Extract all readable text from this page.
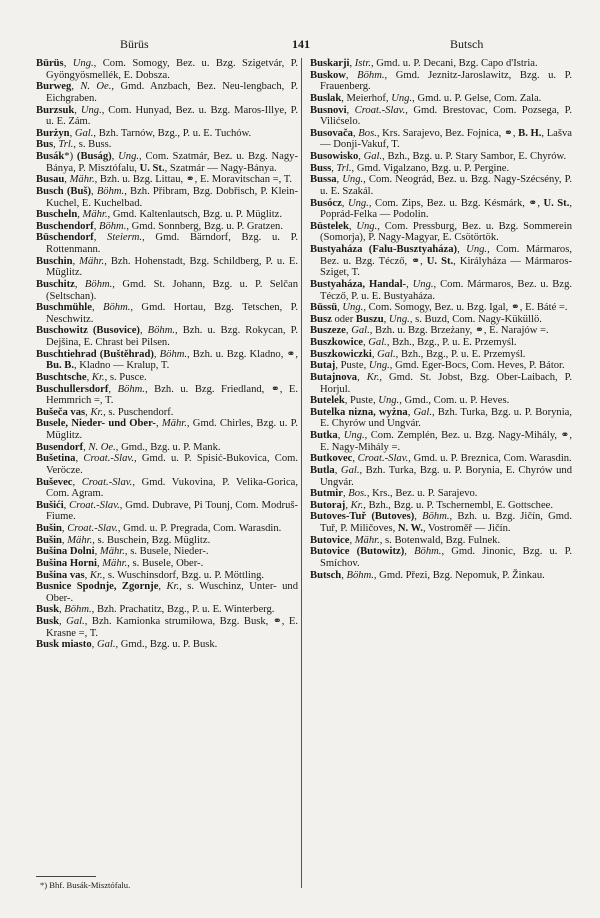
Bürüs	141	Butsch
Bürüs, Ung., Com. Somogy, Bez. u. Bzg. Szigetvár, P. Gyöngyösmellék, E. Dobsza.
Burweg, N. Oe., Gmd. Anzbach, Bez. Neu-lengbach, P. Eichgraben.
Burzsuk, Ung., Com. Hunyad, Bez. u. Bzg. Maros-Illye, P. u. E. Zám.
Burżyn, Gal., Bzh. Tarnów, Bzg., P. u. E. Tuchów.
Bus, Trl., s. Buss.
Busák*) (Buság), Ung., Com. Szatmár, Bez. u. Bzg. Nagy-Bánya, P. Misztófalu, U. St., Szatmár — Nagy-Bánya.
Busau, Mähr., Bzh. u. Bzg. Littau, ⚭, E. Moravitschan =, T.
Busch (Buš), Böhm., Bzh. Přibram, Bzg. Dobřisch, P. Klein-Kuchel, E. Kuchelbad.
Buscheln, Mähr., Gmd. Kaltenlautsch, Bzg. u. P. Müglitz.
Buschendorf, Böhm., Gmd. Sonnberg, Bzg. u. P. Gratzen.
Büschendorf, Steierm., Gmd. Bärndorf, Bzg. u. P. Rottenmann.
Buschin, Mähr., Bzh. Hohenstadt, Bzg. Schildberg, P. u. E. Müglitz.
Buschitz, Böhm., Gmd. St. Johann, Bzg. u. P. Selčan (Seltschan).
Buschmühle, Böhm., Gmd. Hortau, Bzg. Tetschen, P. Neschwitz.
Buschowitz (Busovice), Böhm., Bzh. u. Bzg. Rokycan, P. Dejšina, E. Chrast bei Pilsen.
Buschtiehrad (Buštěhrad), Böhm., Bzh. u. Bzg. Kladno, ⚭, Bu. B., Kladno — Kralup, T.
Buschtsche, Kr., s. Pusce.
Buschullersdorf, Böhm., Bzh. u. Bzg. Friedland, ⚭, E. Hemmrich =, T.
Bušeča vas, Kr., s. Puschendorf.
Busele, Nieder- und Ober-, Mähr., Gmd. Chirles, Bzg. u. P. Müglitz.
Busendorf, N. Oe., Gmd., Bzg. u. P. Mank.
Bušetina, Croat.-Slav., Gmd. u. P. Spisić-Bukovica, Com. Veröcze.
Buševec, Croat.-Slav., Gmd. Vukovina, P. Velika-Gorica, Com. Agram.
Bušići, Croat.-Slav., Gmd. Dubrave, Pi Tounj, Com. Modruš-Fiume.
Bušin, Croat.-Slav., Gmd. u. P. Pregrada, Com. Warasdin.
Bušin, Mähr., s. Buschein, Bzg. Müglitz.
Bušina Dolni, Mähr., s. Busele, Nieder-.
Bušina Horni, Mähr., s. Busele, Ober-.
Bušina vas, Kr., s. Wuschinsdorf, Bzg. u. P. Möttling.
Busnice Spodnje, Zgornje, Kr., s. Wuschinz, Unter- und Ober-.
Busk, Böhm., Bzh. Prachatitz, Bzg., P. u. E. Winterberg.
Busk, Gal., Bzh. Kamionka strumiłowa, Bzg. Busk, ⚭, E. Krasne =, T.
Busk miasto, Gal., Gmd., Bzg. u. P. Busk.
Buskarji, Istr., Gmd. u. P. Decani, Bzg. Capo d'Istria.
Buskow, Böhm., Gmd. Jeznitz-Jaroslawitz, Bzg. u. P. Frauenberg.
Buslak, Meierhof, Ung., Gmd. u. P. Gelse, Com. Zala.
Busnovi, Croat.-Slav., Gmd. Brestovac, Com. Pozsega, P. Vilićselo.
Busovača, Bos., Krs. Sarajevo, Bez. Fojnica, ⚭, B. H., Lašva — Donji-Vakuf, T.
Busowisko, Gal., Bzh., Bzg. u. P. Stary Sambor, E. Chyrów.
Buss, Trl., Gmd. Vigalzano, Bzg. u. P. Pergine.
Bussa, Ung., Com. Neográd, Bez. u. Bzg. Nagy-Szécsény, P. u. E. Szakál.
Busócz, Ung., Com. Zips, Bez. u. Bzg. Késmárk, ⚭, U. St., Poprád-Felka — Podolin.
Büstelek, Ung., Com. Pressburg, Bez. u. Bzg. Sommerein (Somorja), P. Nagy-Magyar, E. Csötörtök.
Bustyaháza (Falu-Busztyaháza), Ung., Com. Mármaros, Bez. u. Bzg. Técző, ⚭, U. St., Királyháza — Mármaros-Sziget, T.
Bustyaháza, Handal-, Ung., Com. Mármaros, Bez. u. Bzg. Técző, P. u. E. Bustyaháza.
Büssü, Ung., Com. Somogy, Bez. u. Bzg. Igal, ⚭, E. Báté =.
Busz oder Buszu, Ung., s. Buzd, Com. Nagy-Küküllö.
Buszeze, Gal., Bzh. u. Bzg. Brzeżany, ⚭, E. Narajów =.
Buszkowice, Gal., Bzh., Bzg., P. u. E. Przemyśl.
Buszkowiczki, Gal., Bzh., Bzg., P. u. E. Przemyśl.
Butaj, Puste, Ung., Gmd. Eger-Bocs, Com. Heves, P. Bátor.
Butajnova, Kr., Gmd. St. Jobst, Bzg. Ober-Laibach, P. Horjul.
Butelek, Puste, Ung., Gmd., Com. u. P. Heves.
Butelka nizna, wyżna, Gal., Bzh. Turka, Bzg. u. P. Borynia, E. Chyrów und Ungvár.
Butka, Ung., Com. Zemplén, Bez. u. Bzg. Nagy-Mihály, ⚭, E. Nagy-Mihály =.
Butkovec, Croat.-Slav., Gmd. u. P. Breznica, Com. Warasdin.
Butla, Gal., Bzh. Turka, Bzg. u. P. Borynia, E. Chyrów und Ungvár.
Butmir, Bos., Krs., Bez. u. P. Sarajevo.
Butoraj, Kr., Bzh., Bzg. u. P. Tschernembl, E. Gottschee.
Butoves-Tuř (Butoves), Böhm., Bzh. u. Bzg. Jičín, Gmd. Tuř, P. Miličoves, N. W., Vostroměř — Jičín.
Butovice, Mähr., s. Botenwald, Bzg. Fulnek.
Butovice (Butowitz), Böhm., Gmd. Jinonic, Bzg. u. P. Smíchov.
Butsch, Böhm., Gmd. Přezi, Bzg. Nepomuk, P. Žinkau.
*) Bhf. Busák-Misztófalu.
